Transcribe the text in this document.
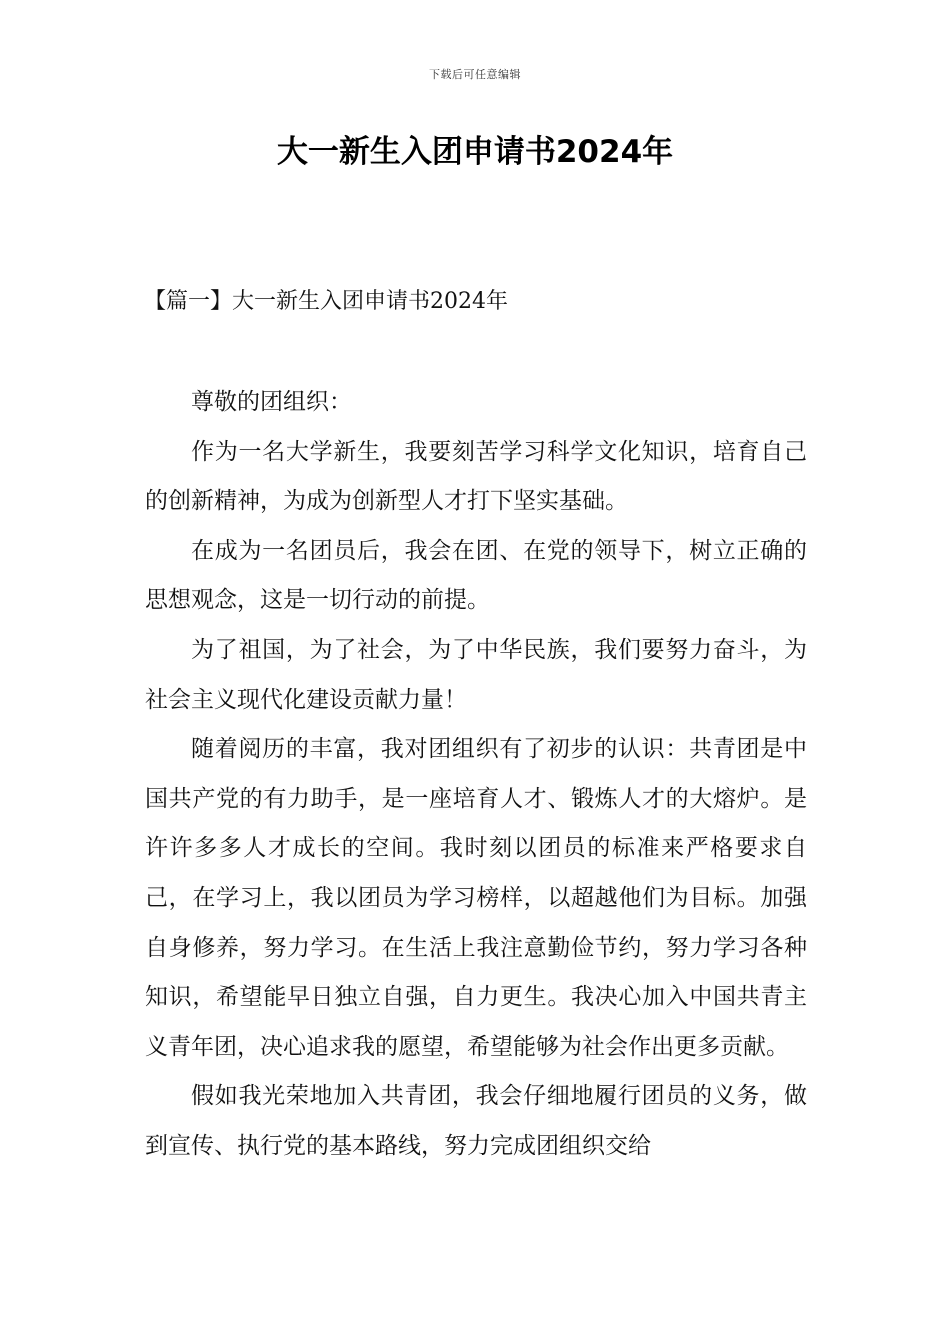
下载后可任意编辑
大一新生入团申请书2024年
【篇一】大一新生入团申请书2024年

尊敬的团组织：

作为一名大学新生，我要刻苦学习科学文化知识，培育自己的创新精神，为成为创新型人才打下坚实基础。

在成为一名团员后，我会在团、在党的领导下，树立正确的思想观念，这是一切行动的前提。

为了祖国，为了社会，为了中华民族，我们要努力奋斗，为社会主义现代化建设贡献力量！

随着阅历的丰富，我对团组织有了初步的认识：共青团是中国共产党的有力助手，是一座培育人才、锻炼人才的大熔炉。是许许多多人才成长的空间。我时刻以团员的标准来严格要求自己，在学习上，我以团员为学习榜样，以超越他们为目标。加强自身修养，努力学习。在生活上我注意勤俭节约，努力学习各种知识，希望能早日独立自强，自力更生。我决心加入中国共青主义青年团，决心追求我的愿望，希望能够为社会作出更多贡献。

假如我光荣地加入共青团，我会仔细地履行团员的义务，做到宣传、执行党的基本路线，努力完成团组织交给
